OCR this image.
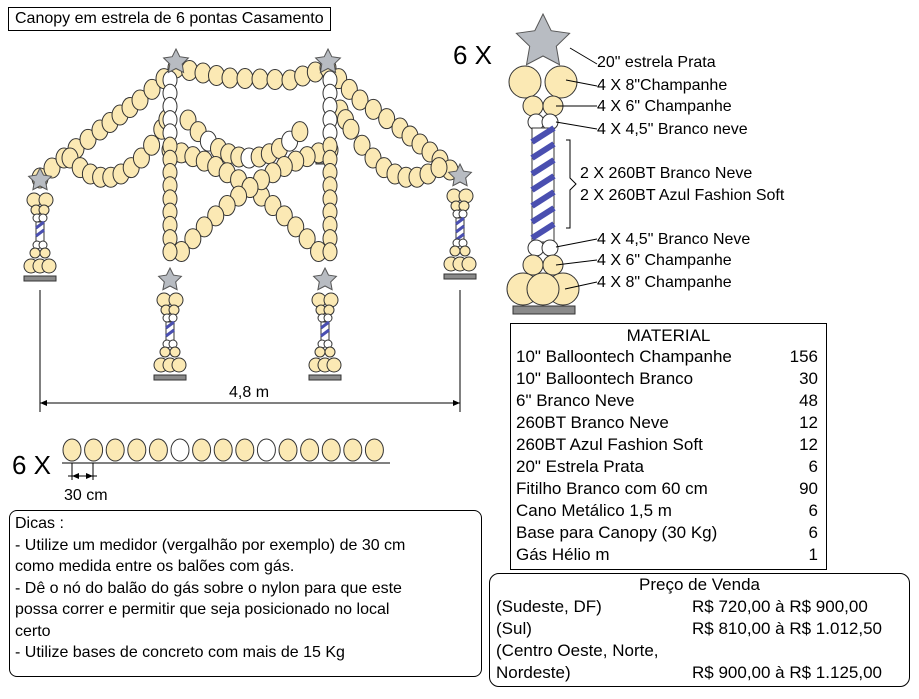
Canopy em estrela de 6 pontas Casamento
6 X
6 X
20" estrela Prata
4 X 8"Champanhe
4 X 6" Champanhe
4 X 4,5" Branco neve
2 X 260BT Branco Neve
2 X 260BT Azul Fashion Soft
4 X 4,5" Branco Neve
4 X 6" Champanhe
4 X 8" Champanhe
4,8 m
30 cm
MATERIAL
10" Balloontech Champanhe	156
10" Balloontech Branco	30
6" Branco Neve	48
260BT Branco Neve	12
260BT Azul Fashion Soft	12
20" Estrela Prata	6
Fitilho Branco com 60 cm	90
Cano Metálico 1,5 m	6
Base para Canopy (30 Kg)	6
Gás Hélio m	1
Dicas :
- Utilize um medidor (vergalhão por exemplo) de 30 cm
como medida entre os balões com gás.
- Dê o nó do balão do gás sobre o nylon para que este
possa correr e permitir que seja posicionado no local
certo
- Utilize bases de concreto com mais de 15 Kg
Preço de Venda
(Sudeste, DF)	R$ 720,00 à R$ 900,00
(Sul)	R$ 810,00 à R$ 1.012,50
(Centro Oeste, Norte,
Nordeste)	R$ 900,00 à R$ 1.125,00
